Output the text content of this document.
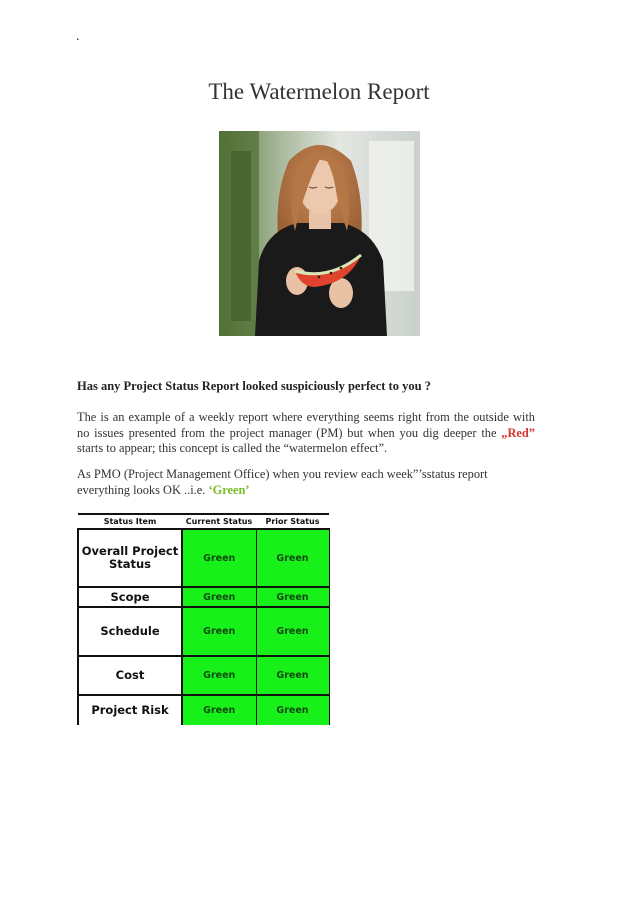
.
The Watermelon Report
Has any Project Status Report looked suspiciously perfect to you ?
The is an example of a weekly report where everything seems right from the outside with no issues presented from the project manager (PM) but when you dig deeper the „Red” starts to appear; this concept is called the “watermelon effect”.
As PMO (Project Management Office) when you review each week”’sstatus report everything looks OK ..i.e. ‘Green’
Status Item	Current Status	Prior Status
Overall Project Status	Green	Green
Scope	Green	Green
Schedule	Green	Green
Cost	Green	Green
Project Risk	Green	Green
